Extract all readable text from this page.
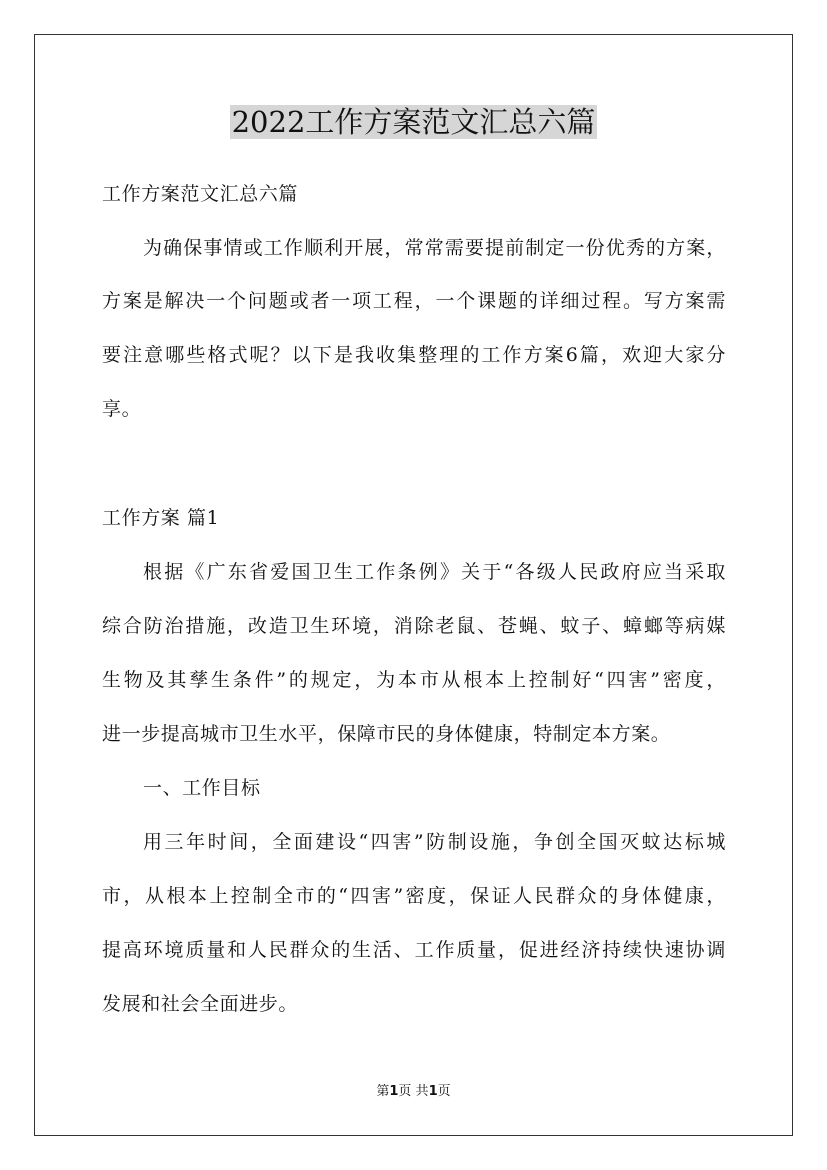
2022工作方案范文汇总六篇
工作方案范文汇总六篇
为确保事情或工作顺利开展，常常需要提前制定一份优秀的方案，
方案是解决一个问题或者一项工程，一个课题的详细过程。写方案需
要注意哪些格式呢？以下是我收集整理的工作方案6篇，欢迎大家分
享。
工作方案 篇1
根据《广东省爱国卫生工作条例》关于“各级人民政府应当采取
综合防治措施，改造卫生环境，消除老鼠、苍蝇、蚊子、蟑螂等病媒
生物及其孳生条件”的规定，为本市从根本上控制好“四害”密度，
进一步提高城市卫生水平，保障市民的身体健康，特制定本方案。
一、工作目标
用三年时间，全面建设“四害”防制设施，争创全国灭蚊达标城
市，从根本上控制全市的“四害”密度，保证人民群众的身体健康，
提高环境质量和人民群众的生活、工作质量，促进经济持续快速协调
发展和社会全面进步。
第1页 共1页
